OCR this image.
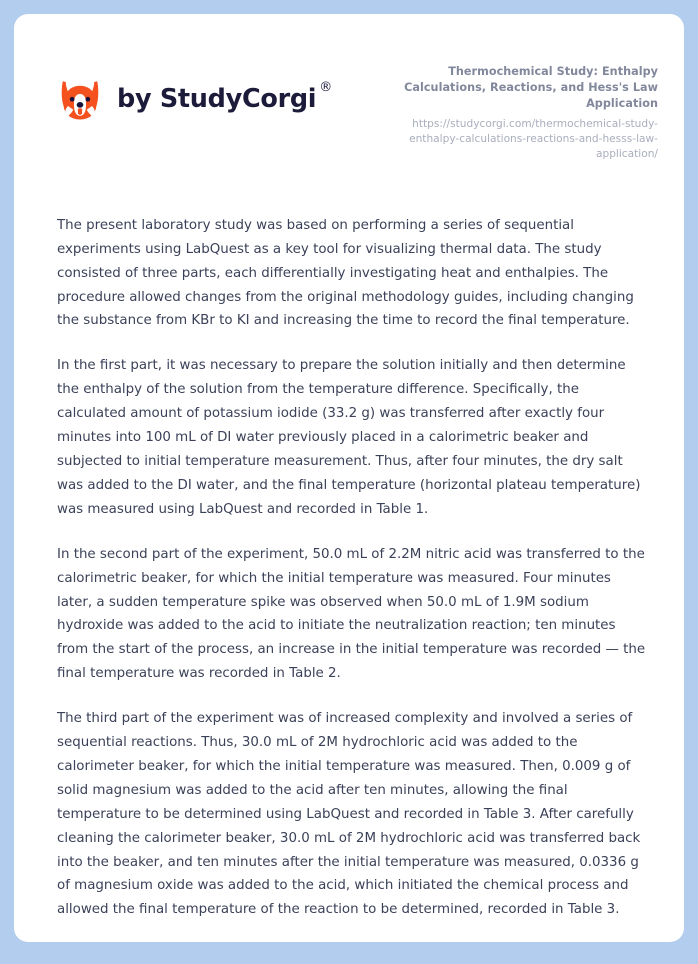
by StudyCorgi ®
Thermochemical Study: Enthalpy Calculations, Reactions, and Hess's Law Application
https://studycorgi.com/thermochemical-study-enthalpy-calculations-reactions-and-hesss-law-application/

The present laboratory study was based on performing a series of sequential experiments using LabQuest as a key tool for visualizing thermal data. The study consisted of three parts, each differentially investigating heat and enthalpies. The procedure allowed changes from the original methodology guides, including changing the substance from KBr to KI and increasing the time to record the final temperature.

In the first part, it was necessary to prepare the solution initially and then determine the enthalpy of the solution from the temperature difference. Specifically, the calculated amount of potassium iodide (33.2 g) was transferred after exactly four minutes into 100 mL of DI water previously placed in a calorimetric beaker and subjected to initial temperature measurement. Thus, after four minutes, the dry salt was added to the DI water, and the final temperature (horizontal plateau temperature) was measured using LabQuest and recorded in Table 1.

In the second part of the experiment, 50.0 mL of 2.2M nitric acid was transferred to the calorimetric beaker, for which the initial temperature was measured. Four minutes later, a sudden temperature spike was observed when 50.0 mL of 1.9M sodium hydroxide was added to the acid to initiate the neutralization reaction; ten minutes from the start of the process, an increase in the initial temperature was recorded — the final temperature was recorded in Table 2.

The third part of the experiment was of increased complexity and involved a series of sequential reactions. Thus, 30.0 mL of 2M hydrochloric acid was added to the calorimeter beaker, for which the initial temperature was measured. Then, 0.009 g of solid magnesium was added to the acid after ten minutes, allowing the final temperature to be determined using LabQuest and recorded in Table 3. After carefully cleaning the calorimeter beaker, 30.0 mL of 2M hydrochloric acid was transferred back into the beaker, and ten minutes after the initial temperature was measured, 0.0336 g of magnesium oxide was added to the acid, which initiated the chemical process and allowed the final temperature of the reaction to be determined, recorded in Table 3.
